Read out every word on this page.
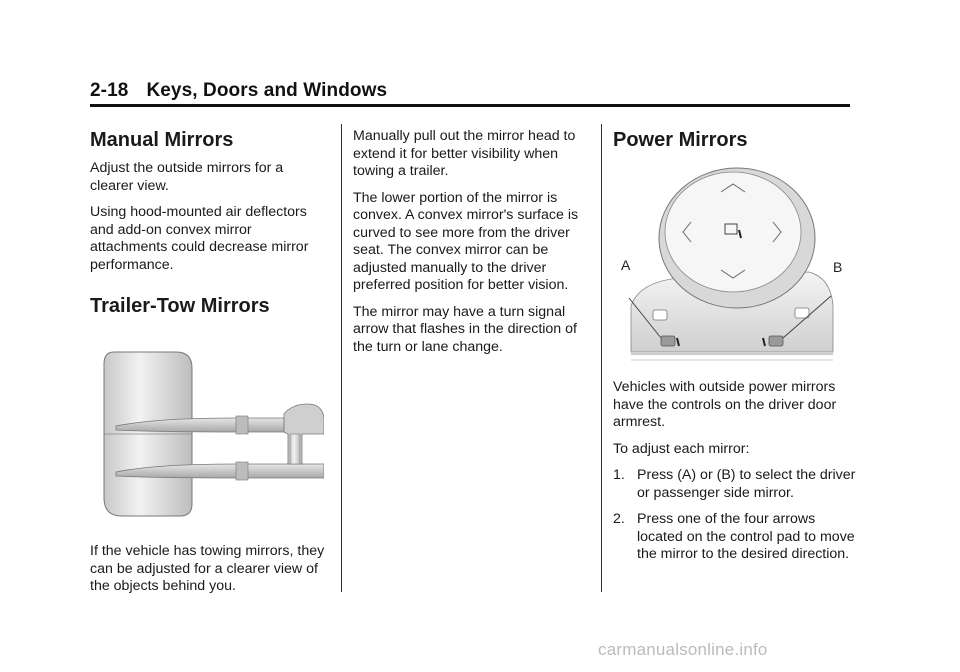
2-18 Keys, Doors and Windows
Manual Mirrors

Adjust the outside mirrors for a clearer view.

Using hood-mounted air deflectors and add-on convex mirror attachments could decrease mirror performance.

Trailer-Tow Mirrors

If the vehicle has towing mirrors, they can be adjusted for a clearer view of the objects behind you.

Manually pull out the mirror head to extend it for better visibility when towing a trailer.

The lower portion of the mirror is convex. A convex mirror's surface is curved to see more from the driver seat. The convex mirror can be adjusted manually to the driver preferred position for better vision.

The mirror may have a turn signal arrow that flashes in the direction of the turn or lane change.

Power Mirrors
A	B

Vehicles with outside power mirrors have the controls on the driver door armrest.

To adjust each mirror:

1. Press (A) or (B) to select the driver or passenger side mirror.
2. Press one of the four arrows located on the control pad to move the mirror to the desired direction.
carmanualsonline.info
